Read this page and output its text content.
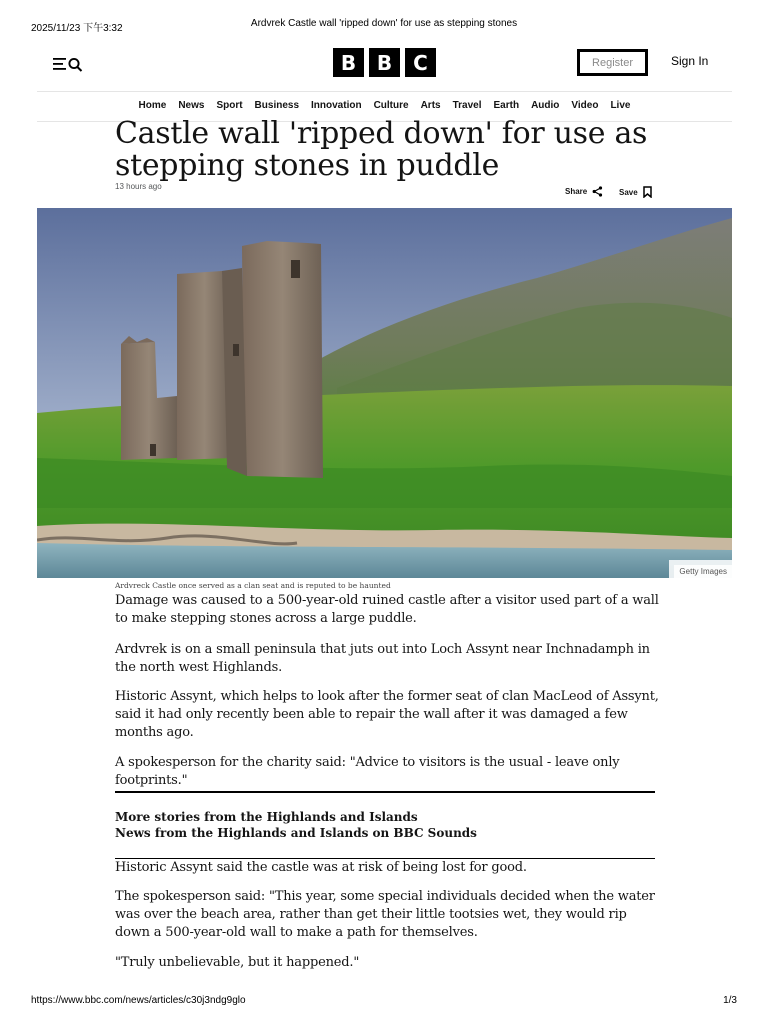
2025/11/23 下午3:32	Ardvrek Castle wall 'ripped down' for use as stepping stones
B	B	C	Register	Sign In
Home News Sport Business Innovation Culture Arts Travel Earth Audio Video Live
Castle wall 'ripped down' for use as stepping stones in puddle
13 hours ago
Share	Save
Getty Images
Ardvreck Castle once served as a clan seat and is reputed to be haunted

Damage was caused to a 500-year-old ruined castle after a visitor used part of a wall to make stepping stones across a large puddle.

Ardvrek is on a small peninsula that juts out into Loch Assynt near Inchnadamph in the north west Highlands.

Historic Assynt, which helps to look after the former seat of clan MacLeod of Assynt, said it had only recently been able to repair the wall after it was damaged a few months ago.

A spokesperson for the charity said: "Advice to visitors is the usual - leave only footprints."

More stories from the Highlands and Islands
News from the Highlands and Islands on BBC Sounds

Historic Assynt said the castle was at risk of being lost for good.

The spokesperson said: "This year, some special individuals decided when the water was over the beach area, rather than get their little tootsies wet, they would rip down a 500-year-old wall to make a path for themselves.

"Truly unbelievable, but it happened."

https://www.bbc.com/news/articles/c30j3ndg9glo	1/3
